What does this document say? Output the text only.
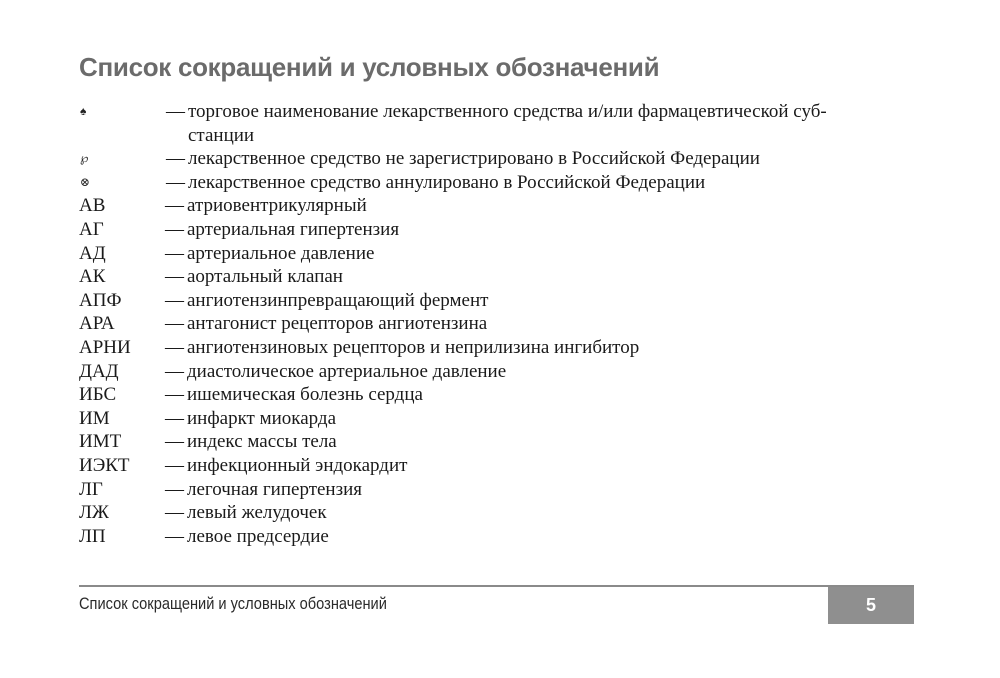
Список сокращений и условных обозначений
♠	— торговое наименование лекарственного средства и/или фармацевтической суб-
станции
℘	— лекарственное средство не зарегистрировано в Российской Федерации
⊗	— лекарственное средство аннулировано в Российской Федерации
АВ	— атриовентрикулярный
АГ	— артериальная гипертензия
АД	— артериальное давление
АК	— аортальный клапан
АПФ	— ангиотензинпревращающий фермент
АРА	— антагонист рецепторов ангиотензина
АРНИ	— ангиотензиновых рецепторов и неприлизина ингибитор
ДАД	— диастолическое артериальное давление
ИБС	— ишемическая болезнь сердца
ИМ	— инфаркт миокарда
ИМТ	— индекс массы тела
ИЭКТ	— инфекционный эндокардит
ЛГ	— легочная гипертензия
ЛЖ	— левый желудочек
ЛП	— левое предсердие
Список сокращений и условных обозначений	5
